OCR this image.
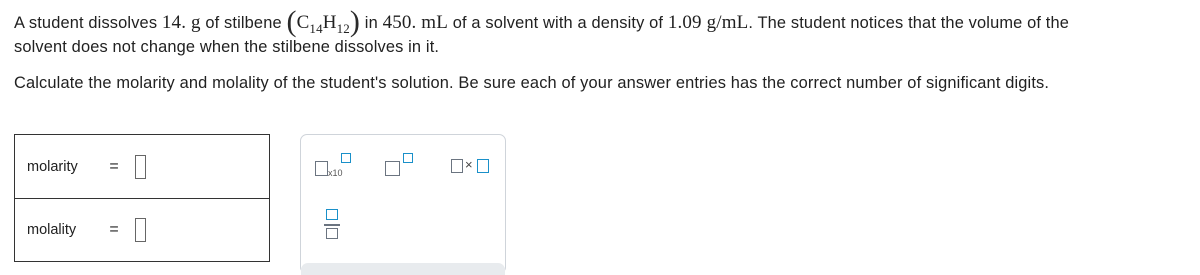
A student dissolves 14. g of stilbene $(C_{14}H_{12})$ in 450. mL of a solvent with a density of 1.09 g/mL. The student notices that the volume of the
solvent does not change when the stilbene dissolves in it.
Calculate the molarity and molality of the student's solution. Be sure each of your answer entries has the correct number of significant digits.
molarity	=
molality	=
x10
×
